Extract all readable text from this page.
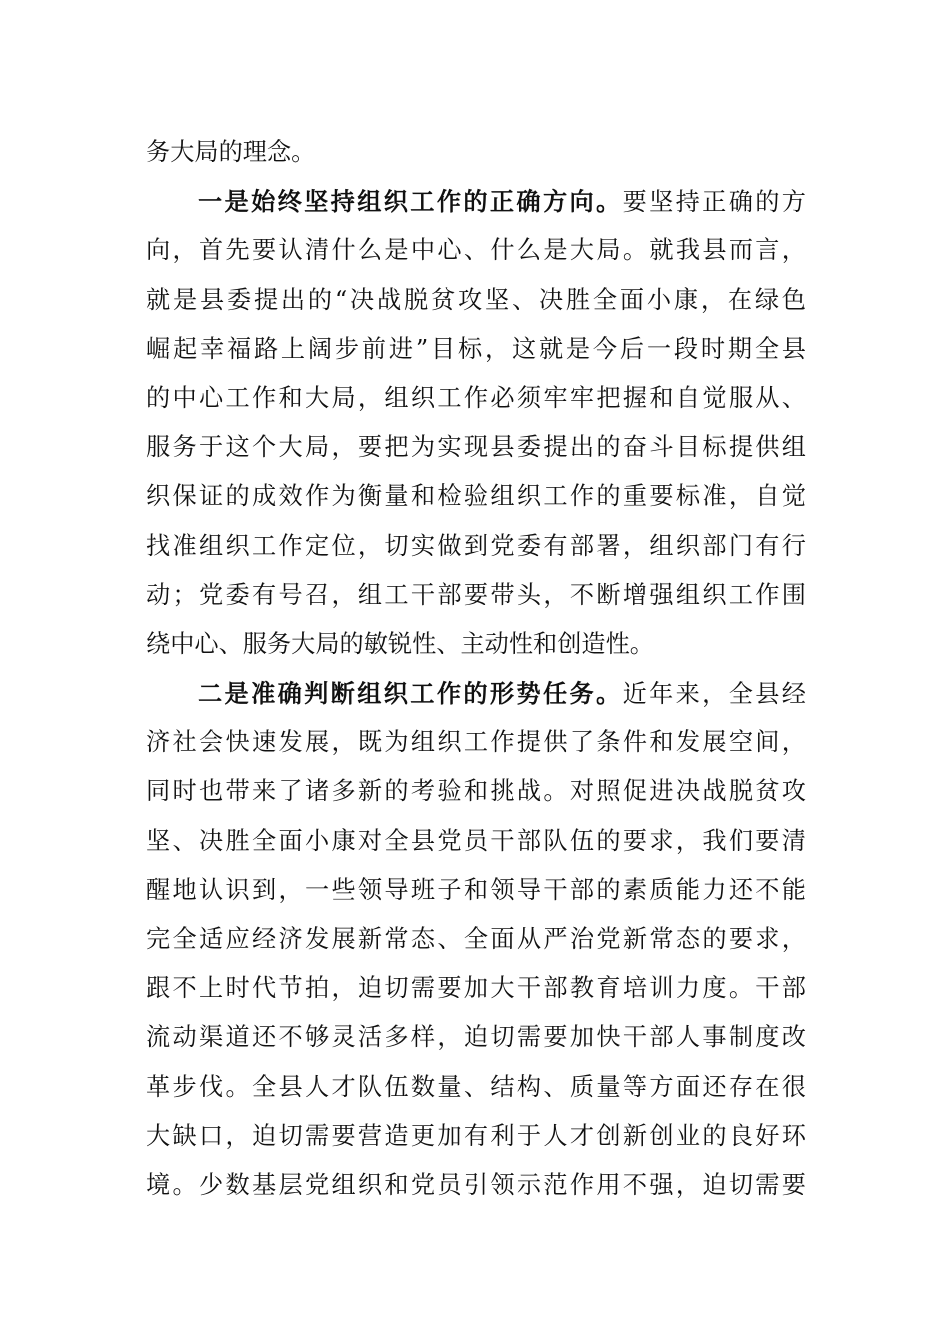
务大局的理念。
一是始终坚持组织工作的正确方向。要坚持正确的方
向，首先要认清什么是中心、什么是大局。就我县而言，
就是县委提出的“决战脱贫攻坚、决胜全面小康，在绿色
崛起幸福路上阔步前进”目标，这就是今后一段时期全县
的中心工作和大局，组织工作必须牢牢把握和自觉服从、
服务于这个大局，要把为实现县委提出的奋斗目标提供组
织保证的成效作为衡量和检验组织工作的重要标准，自觉
找准组织工作定位，切实做到党委有部署，组织部门有行
动；党委有号召，组工干部要带头，不断增强组织工作围
绕中心、服务大局的敏锐性、主动性和创造性。
二是准确判断组织工作的形势任务。近年来，全县经
济社会快速发展，既为组织工作提供了条件和发展空间，
同时也带来了诸多新的考验和挑战。对照促进决战脱贫攻
坚、决胜全面小康对全县党员干部队伍的要求，我们要清
醒地认识到，一些领导班子和领导干部的素质能力还不能
完全适应经济发展新常态、全面从严治党新常态的要求，
跟不上时代节拍，迫切需要加大干部教育培训力度。干部
流动渠道还不够灵活多样，迫切需要加快干部人事制度改
革步伐。全县人才队伍数量、结构、质量等方面还存在很
大缺口，迫切需要营造更加有利于人才创新创业的良好环
境。少数基层党组织和党员引领示范作用不强，迫切需要
